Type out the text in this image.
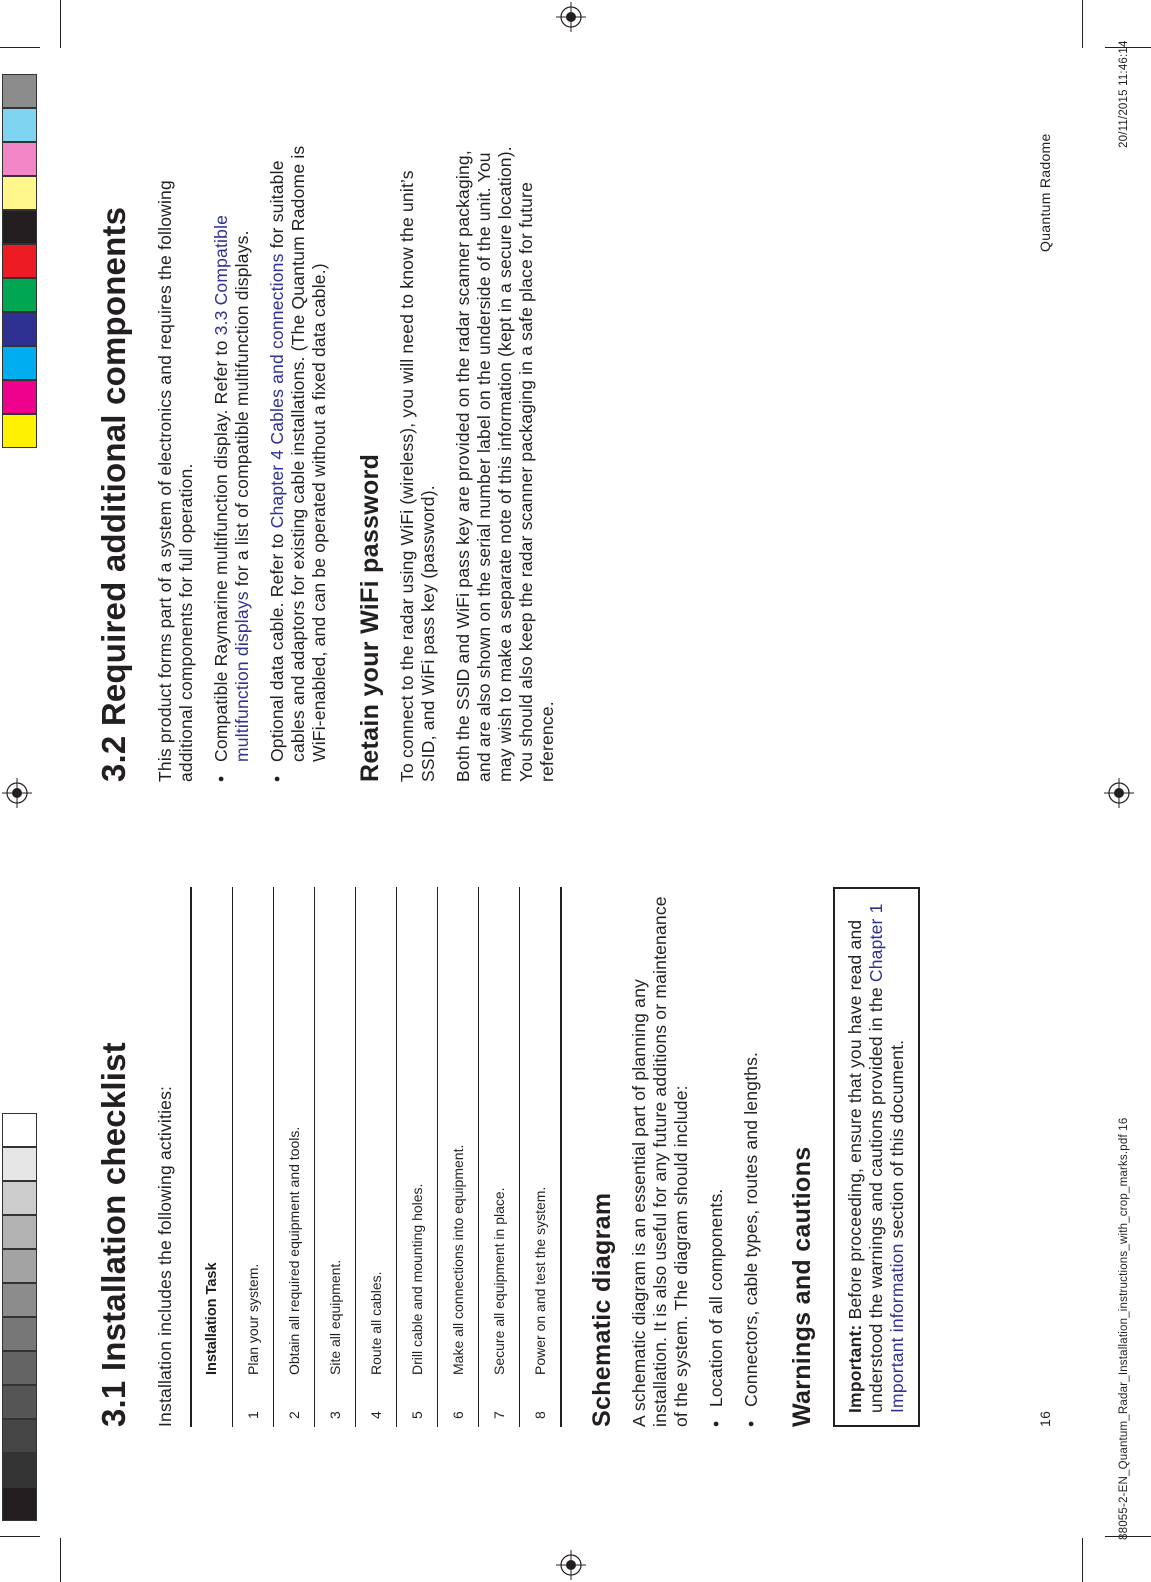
88055-2-EN_Quantum_Radar_Installation_instructions_with_crop_marks.pdf 16
20/11/2015 11:46:14
3.1 Installation checklist Installation includes the following activities:

	Installation Task
1	Plan your system.
2	Obtain all required equipment and tools.
3	Site all equipment.
4	Route all cables.
5	Drill cable and mounting holes.
6	Make all connections into equipment.
7	Secure all equipment in place.
8	Power on and test the system. Schematic diagram A schematic diagram is an essential part of planning any installation. It is also useful for any future additions or maintenance of the system. The diagram should include: •
Location of all components.
•
Connectors, cable types, routes and lengths. Warnings and cautions	Important: Before proceeding, ensure that you have read and understood the warnings and cautions provided in the Chapter 1 Important information section of this document.
3.2 Required additional components This product forms part of a system of electronics and requires the following additional components for full operation. •
Compatible Raymarine multifunction display. Refer to 3.3 Compatible multifunction displays for a list of compatible multifunction displays.
•
Optional data cable. Refer to Chapter 4 Cables and connections for suitable cables and adaptors for existing cable installations. (The Quantum Radome is WiFi-enabled, and can be operated without a fixed data cable.) Retain your WiFi password To connect to the radar using WiFi (wireless), you will need to know the unit’s SSID, and WiFi pass key (password). Both the SSID and WiFi pass key are provided on the radar scanner packaging, and are also shown on the serial number label on the underside of the unit. You may wish to make a separate note of this information (kept in a secure location). You should also keep the radar scanner packaging in a safe place for future reference.

16
Quantum Radome
